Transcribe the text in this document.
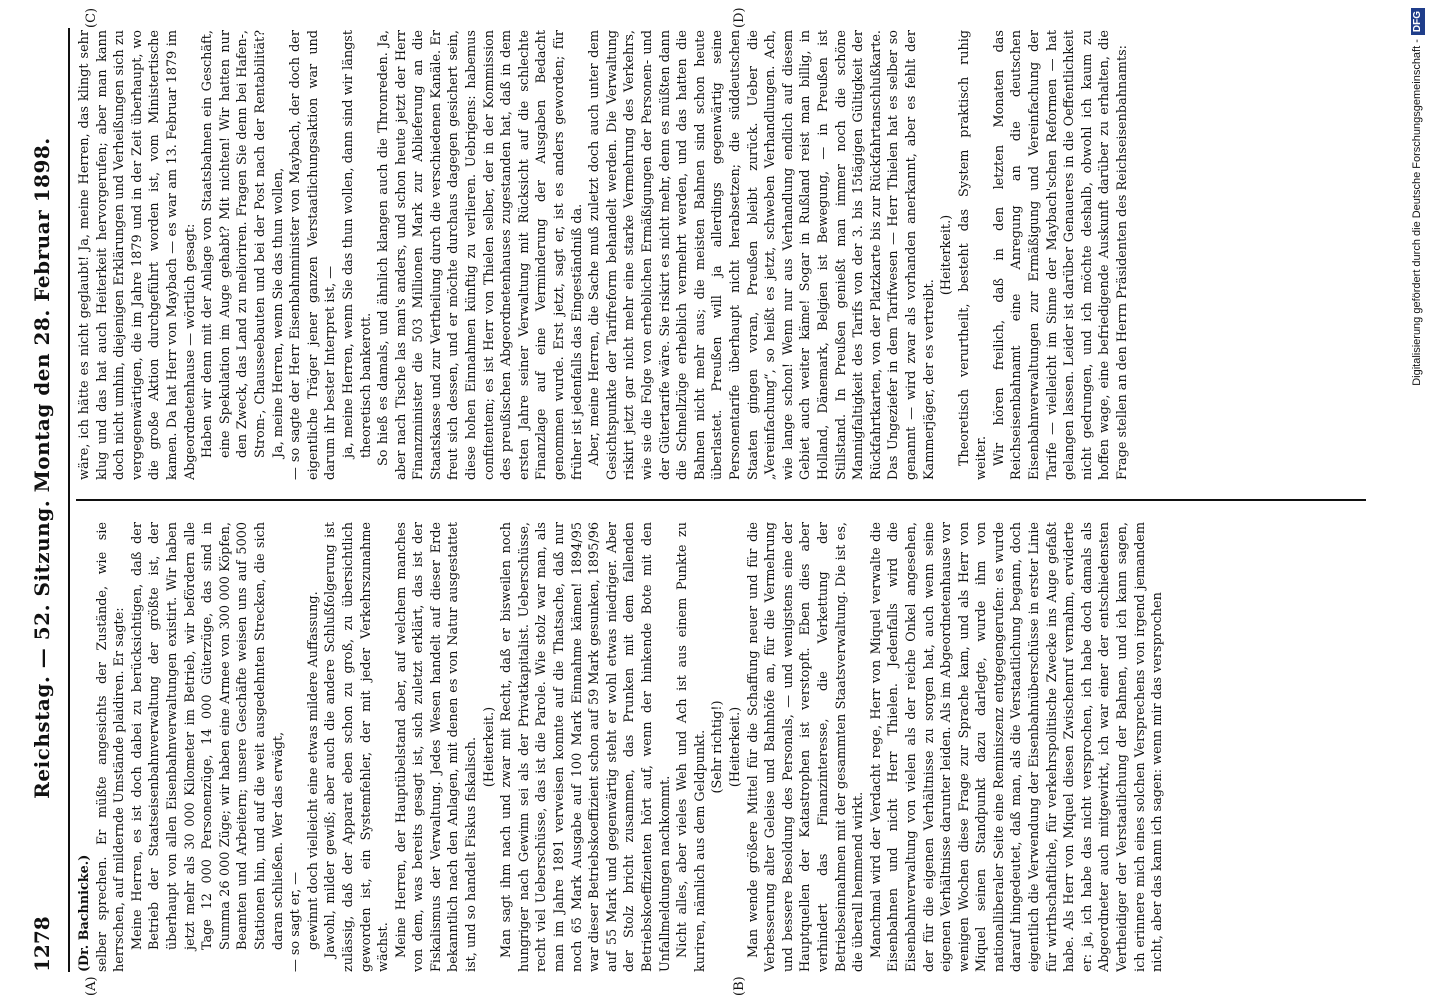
1278
Reichstag. — 52. Sitzung. Montag den 28. Februar 1898.

(Dr. Bachnicke.) selber sprechen. Er müßte angesichts der Zustände, wie sie herrschen, auf mildernde Umstände plaidiren. Er sagte: Meine Herren, es ist doch dabei zu berücksichtigen, daß der Betrieb der Staatseisenbahnverwaltung der größte ist, der überhaupt von allen Eisenbahnverwaltungen existirt. Wir haben jetzt mehr als 30 000 Kilometer im Betrieb, wir befördern alle Tage 12 000 Personenzüge, 14 000 Güterzüge, das sind in Summa 26 000 Züge; wir haben eine Armee von 300 000 Köpfen, Beamten und Arbeitern; unsere Geschäfte weisen uns auf 5000 Stationen hin, und auf die weit ausgedehnten Strecken, die sich daran schließen. Wer das erwägt, — so sagt er, — gewinnt doch vielleicht eine etwas mildere Auffassung. Jawohl, milder gewiß; aber auch die andere Schlußfolgerung ist zulässig, daß der Apparat eben schon zu groß, zu übersichtlich geworden ist, ein Systemfehler, der mit jeder Verkehrszunahme wächst. Meine Herren, der Hauptübelstand aber, auf welchem manches von dem, was bereits gesagt ist, sich zuletzt erklärt, das ist der Fiskalismus der Verwaltung. Jedes Wesen handelt auf dieser Erde bekanntlich nach den Anlagen, mit denen es von Natur ausgestattet ist, und so handelt Fiskus fiskalisch. (Heiterkeit.) Man sagt ihm nach und zwar mit Recht, daß er bisweilen noch hungriger nach Gewinn sei als der Privatkapitalist. Ueberschüsse, recht viel Ueberschüsse, das ist die Parole. Wie stolz war man, als man im Jahre 1891 verweisen konnte auf die Thatsache, daß nur noch 65 Mark Ausgabe auf 100 Mark Einnahme kämen! 1894/95 war dieser Betriebskoeffizient schon auf 59 Mark gesunken, 1895/96 auf 55 Mark und gegenwärtig steht er wohl etwas niedriger. Aber der Stolz bricht zusammen, das Prunken mit dem fallenden Betriebskoeffizienten hört auf, wenn der hinkende Bote mit den Unfallmeldungen nachkommt. Nicht alles, aber vieles Weh und Ach ist aus einem Punkte zu kuriren, nämlich aus dem Geldpunkt. (Sehr richtig!) (Heiterkeit.) Man wende größere Mittel für die Schaffung neuer und für die Verbesserung alter Geleise und Bahnhöfe an, für die Vermehrung und bessere Besoldung des Personals, — und wenigstens eine der Hauptquellen der Katastrophen ist verstopft. Eben dies aber verhindert das Finanzinteresse, die Verkettung der Betriebseinnahmen mit der gesammten Staatsverwaltung. Die ist es, die überall hemmend wirkt. Manchmal wird der Verdacht rege, Herr von Miquel verwalte die Eisenbahnen und nicht Herr Thielen. Jedenfalls wird die Eisenbahnverwaltung von vielen als der reiche Onkel angesehen, der für die eigenen Verhältnisse zu sorgen hat, auch wenn seine eigenen Verhältnisse darunter leiden. Als im Abgeordnetenhause vor wenigen Wochen diese Frage zur Sprache kam, und als Herr von Miquel seinen Standpunkt dazu darlegte, wurde ihm von nationalliberaler Seite eine Reminiszenz entgegengerufen: es wurde darauf hingedeutet, daß man, als die Verstaatlichung begann, doch eigentlich die Verwendung der Eisenbahnüberschüsse in erster Linie für wirthschaftliche, für verkehrspolitische Zwecke ins Auge gefaßt habe. Als Herr von Miquel diesen Zwischenruf vernahm, erwiderte er: ja, ich habe das nicht versprochen, ich habe doch damals als Abgeordneter auch mitgewirkt, ich war einer der entschiedensten Vertheidiger der Verstaatlichung der Bahnen, und ich kann sagen, ich erinnere mich eines solchen Versprechens von irgend jemandem nicht, aber das kann ich sagen: wenn mir das versprochen

wäre, ich hätte es nicht geglaubt! Ja, meine Herren, das klingt sehr klug und das hat auch Heiterkeit hervorgerufen; aber man kann doch nicht umhin, diejenigen Erklärungen und Verheißungen sich zu vergegenwärtigen, die im Jahre 1879 und in der Zeit überhaupt, wo die große Aktion durchgeführt worden ist, vom Ministertische kamen. Da hat Herr von Maybach — es war am 13. Februar 1879 im Abgeordnetenhause — wörtlich gesagt: Haben wir denn mit der Anlage von Staatsbahnen ein Geschäft, eine Spekulation im Auge gehabt? Mit nichten! Wir hatten nur den Zweck, das Land zu melioriren. Fragen Sie denn bei Hafen-, Strom-, Chausseebauten und bei der Post nach der Rentabilität? Ja, meine Herren, wenn Sie das thun wollen, — so sagte der Herr Eisenbahnminister von Maybach, der doch der eigentliche Träger jener ganzen Verstaatlichungsaktion war und darum ihr bester Interpret ist, — ja, meine Herren, wenn Sie das thun wollen, dann sind wir längst theoretisch bankerott. So hieß es damals, und ähnlich klangen auch die Thronreden. Ja, aber nach Tische las man's anders, und schon heute jetzt der Herr Finanzminister die 503 Millionen Mark zur Ablieferung an die Staatskasse und zur Vertheilung durch die verschiedenen Kanäle. Er freut sich dessen, und er möchte durchaus dagegen gesichert sein, diese hohen Einnahmen künftig zu verlieren. Uebrigens: habemus confitentem; es ist Herr von Thielen selber, der in der Kommission des preußischen Abgeordnetenhauses zugestanden hat, daß in dem ersten Jahre seiner Verwaltung mit Rücksicht auf die schlechte Finanzlage auf eine Verminderung der Ausgaben Bedacht genommen wurde. Erst jetzt, sagt er, ist es anders geworden; für früher ist jedenfalls das Eingeständniß da. Aber, meine Herren, die Sache muß zuletzt doch auch unter dem Gesichtspunkte der Tarifreform behandelt werden. Die Verwaltung riskirt jetzt gar nicht mehr eine starke Vermehrung des Verkehrs, wie sie die Folge von erheblichen Ermäßigungen der Personen- und der Gütertarife wäre. Sie riskirt es nicht mehr, denn es müßten dann die Schnellzüge erheblich vermehrt werden, und das hatten die Bahnen nicht mehr aus; die meisten Bahnen sind schon heute überlastet. Preußen will ja allerdings gegenwärtig seine Personentarife überhaupt nicht herabsetzen; die süddeutschen Staaten gingen voran, Preußen bleibt zurück. Ueber die „Vereinfachung“, so heißt es jetzt, schweben Verhandlungen. Ach, wie lange schon! Wenn nur aus Verhandlung endlich auf diesem Gebiet auch weiter käme! Sogar in Rußland reist man billig, in Holland, Dänemark, Belgien ist Bewegung, — in Preußen ist Stillstand. In Preußen genießt man immer noch die schöne Mannigfaltigkeit des Tarifs von der 3. bis 15tägigen Gültigkeit der Rückfahrtkarten, von der Platzkarte bis zur Rückfahrtanschlußkarte. Das Ungeziefer in dem Tarifwesen — Herr Thielen hat es selber so genannt — wird zwar als vorhanden anerkannt, aber es fehlt der Kammerjäger, der es vertreibt.

(Heiterkeit.) Theoretisch verurtheilt, besteht das System praktisch ruhig weiter. Wir hören freilich, daß in den letzten Monaten das Reichseisenbahnamt eine Anregung an die deutschen Eisenbahnverwaltungen zur Ermäßigung und Vereinfachung der Tarife — vielleicht im Sinne der Maybach'schen Reformen — hat gelangen lassen. Leider ist darüber Genaueres in die Oeffentlichkeit nicht gedrungen, und ich möchte deshalb, obwohl ich kaum zu hoffen wage, eine befriedigende Auskunft darüber zu erhalten, die Frage stellen an den Herrn Präsidenten des Reichseisenbahnamts:

(A)	(B)
(C)	(D)
Digitalisierung gefördert durch die Deutsche Forschungsgemeinschaft -DFG
